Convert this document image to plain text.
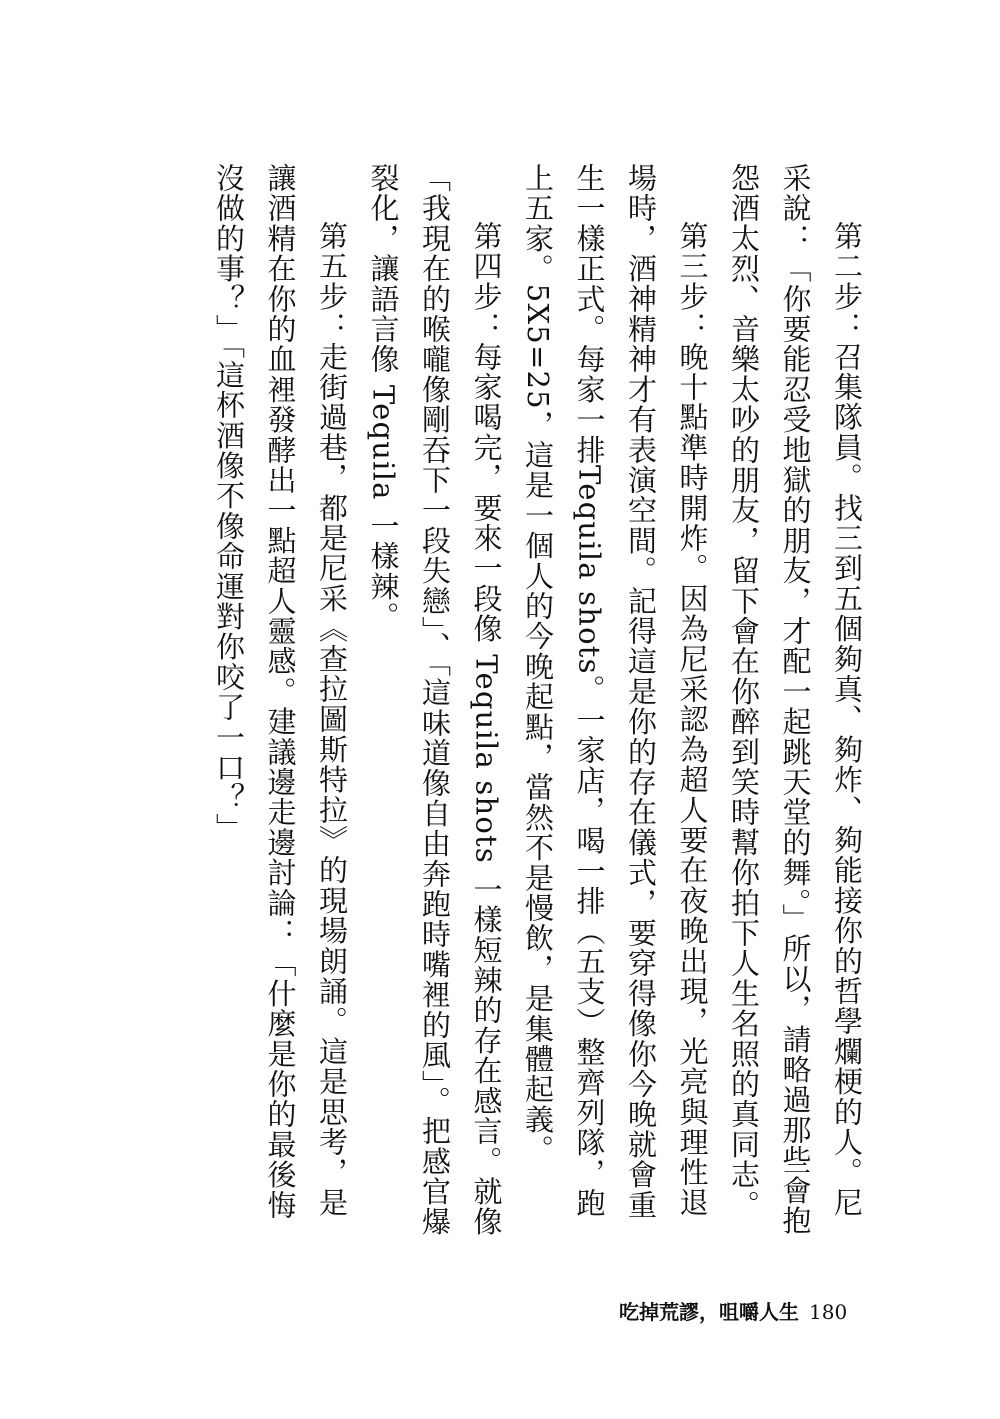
第二步：召集隊員。找三到五個夠真、夠炸、夠能接你的哲學爛梗的人。尼采說：「你要能忍受地獄的朋友，才配一起跳天堂的舞。」所以，請略過那些會抱怨酒太烈、音樂太吵的朋友，留下會在你醉到笑時幫你拍下人生名照的真同志。

第三步：晚十點準時開炸。因為尼采認為超人要在夜晚出現，光亮與理性退場時，酒神精神才有表演空間。記得這是你的存在儀式，要穿得像你今晚就會重生一樣正式。每家一排Tequila shots。一家店，喝一排（五支）整齊列隊，跑上五家。5X5=25，這是一個人的今晚起點，當然不是慢飲，是集體起義。

第四步：每家喝完，要來一段像 Tequila shots 一樣短辣的存在感言。就像「我現在的喉嚨像剛吞下一段失戀」、「這味道像自由奔跑時嘴裡的風」。把感官爆裂化，讓語言像 Tequila 一樣辣。

第五步：走街過巷，都是尼采《查拉圖斯特拉》的現場朗誦。這是思考，是讓酒精在你的血裡發酵出一點超人靈感。建議邊走邊討論：「什麼是你的最後悔沒做的事？」「這杯酒像不像命運對你咬了一口？」

吃掉荒謬，咀嚼人生 180
